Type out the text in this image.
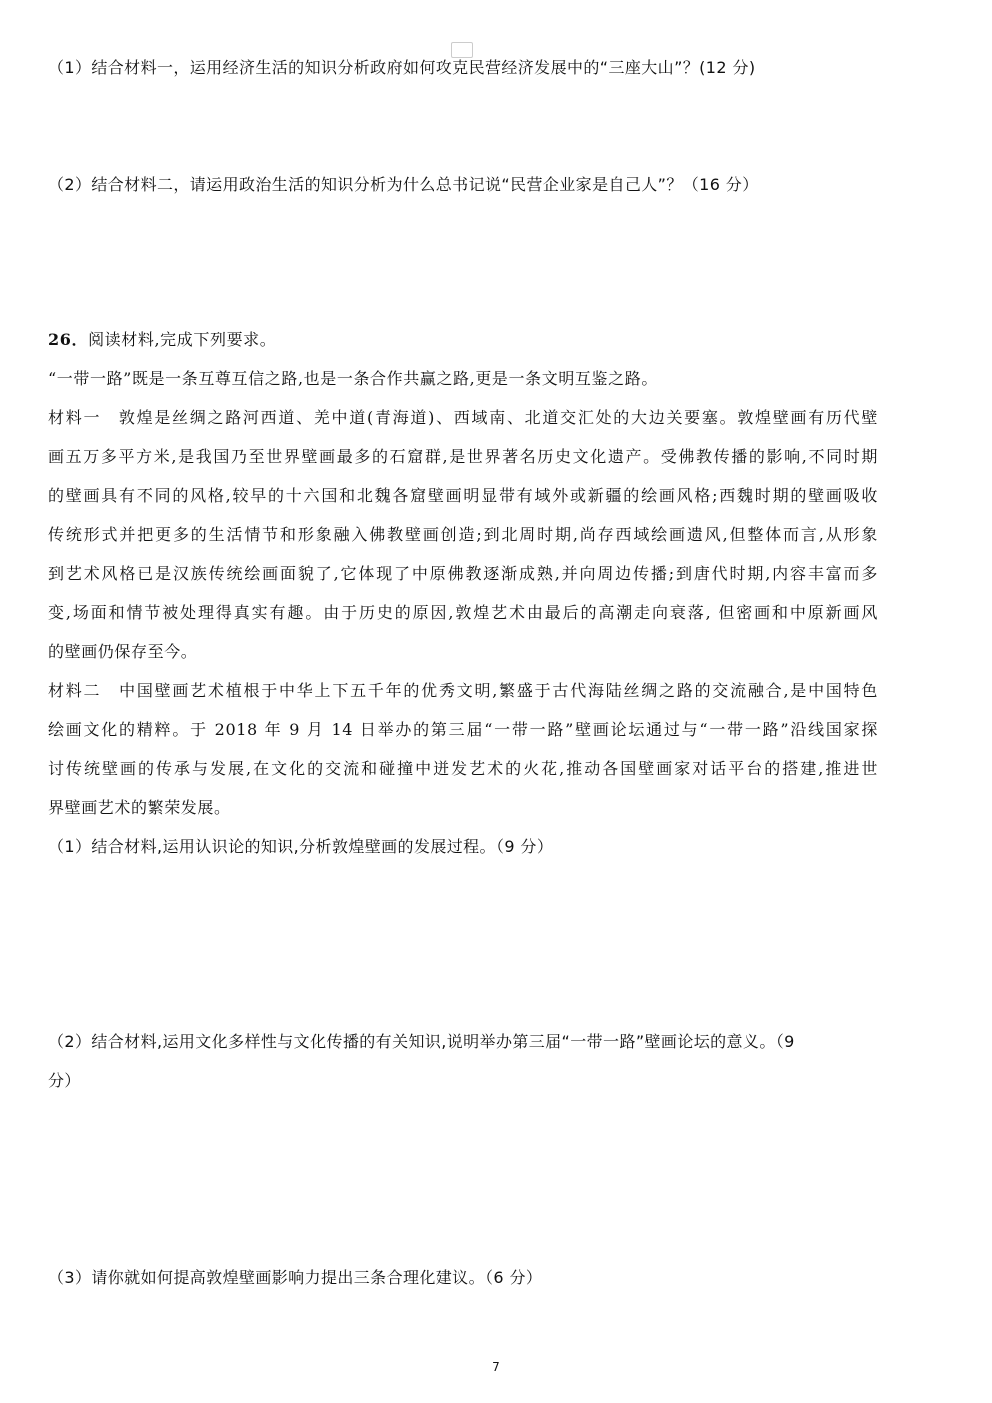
（1）结合材料一，运用经济生活的知识分析政府如何攻克民营经济发展中的“三座大山”？(12 分)
（2）结合材料二，请运用政治生活的知识分析为什么总书记说“民营企业家是自己人”？（16 分）
26．阅读材料,完成下列要求。
“一带一路”既是一条互尊互信之路,也是一条合作共赢之路,更是一条文明互鉴之路。
材料一　敦煌是丝绸之路河西道、羌中道(青海道)、西域南、北道交汇处的大边关要塞。敦煌壁画有历代壁
画五万多平方米,是我国乃至世界壁画最多的石窟群,是世界著名历史文化遗产。受佛教传播的影响,不同时期
的壁画具有不同的风格,较早的十六国和北魏各窟壁画明显带有域外或新疆的绘画风格;西魏时期的壁画吸收
传统形式并把更多的生活情节和形象融入佛教壁画创造;到北周时期,尚存西域绘画遗风,但整体而言,从形象
到艺术风格已是汉族传统绘画面貌了,它体现了中原佛教逐渐成熟,并向周边传播;到唐代时期,内容丰富而多
变,场面和情节被处理得真实有趣。由于历史的原因,敦煌艺术由最后的高潮走向衰落, 但密画和中原新画风
的壁画仍保存至今。
材料二　中国壁画艺术植根于中华上下五千年的优秀文明,繁盛于古代海陆丝绸之路的交流融合,是中国特色
绘画文化的精粹。于 2018 年 9 月 14 日举办的第三届“一带一路”壁画论坛通过与“一带一路”沿线国家探
讨传统壁画的传承与发展,在文化的交流和碰撞中迸发艺术的火花,推动各国壁画家对话平台的搭建,推进世
界壁画艺术的繁荣发展。
（1）结合材料,运用认识论的知识,分析敦煌壁画的发展过程。（9 分）
（2）结合材料,运用文化多样性与文化传播的有关知识,说明举办第三届“一带一路”壁画论坛的意义。（9
分）
（3）请你就如何提高敦煌壁画影响力提出三条合理化建议。（6 分）
7
